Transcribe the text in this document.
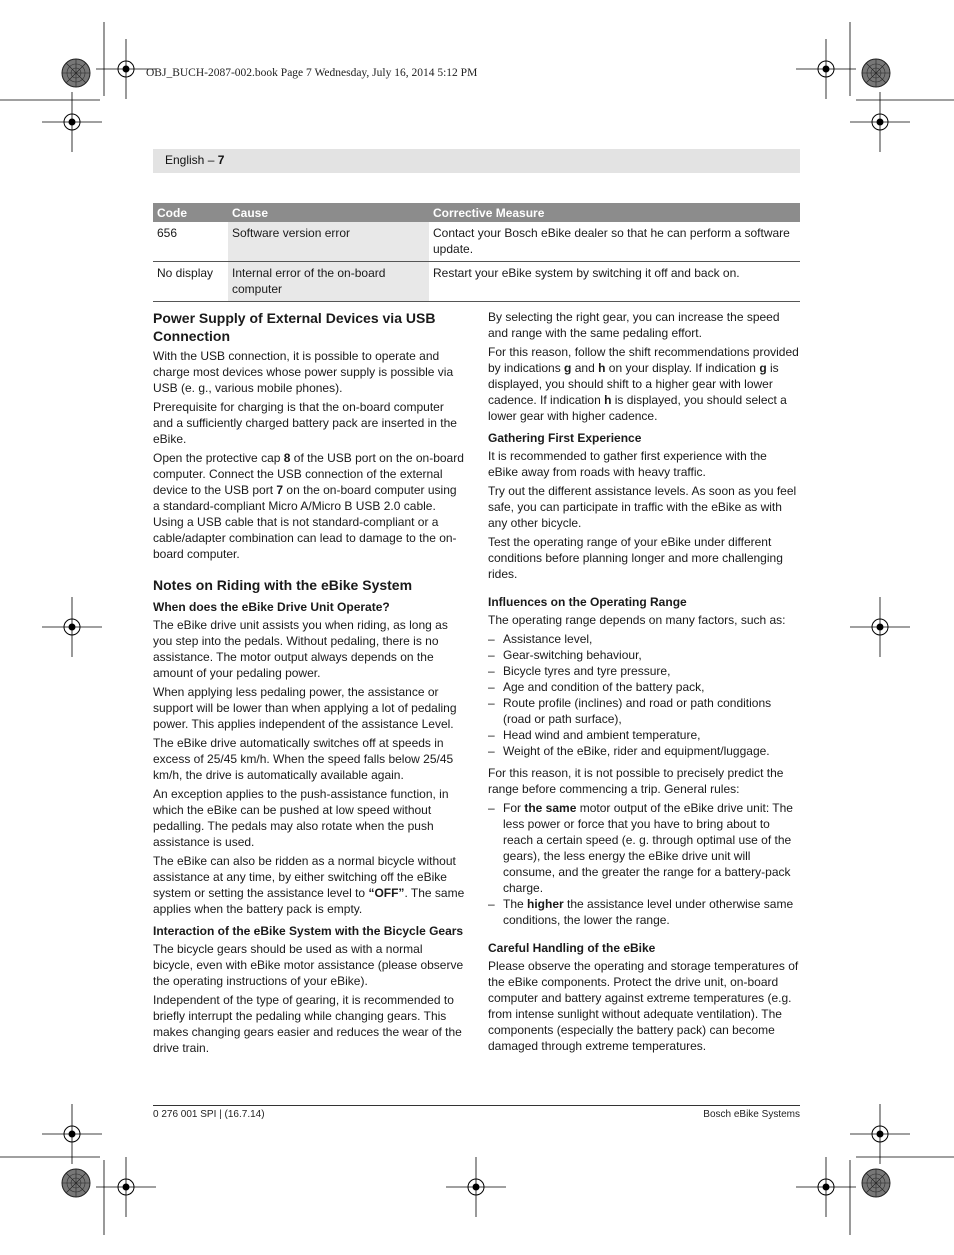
OBJ_BUCH-2087-002.book Page 7 Wednesday, July 16, 2014 5:12 PM
English – 7
Code	Cause	Corrective Measure
656	Software version error	Contact your Bosch eBike dealer so that he can perform a software update.
No display	Internal error of the on-board computer	Restart your eBike system by switching it off and back on.
Power Supply of External Devices via USB Connection

With the USB connection, it is possible to operate and charge most devices whose power supply is possible via USB (e. g., various mobile phones).

Prerequisite for charging is that the on-board computer and a sufficiently charged battery pack are inserted in the eBike.

Open the protective cap 8 of the USB port on the on-board computer. Connect the USB connection of the external device to the USB port 7 on the on-board computer using a standard-compliant Micro A/Micro B USB 2.0 cable. Using a USB cable that is not standard-compliant or a cable/adapter combination can lead to damage to the on-board computer.

Notes on Riding with the eBike System
When does the eBike Drive Unit Operate?

The eBike drive unit assists you when riding, as long as you step into the pedals. Without pedaling, there is no assistance. The motor output always depends on the amount of your pedaling power.

When applying less pedaling power, the assistance or support will be lower than when applying a lot of pedaling power. This applies independent of the assistance Level.

The eBike drive automatically switches off at speeds in excess of 25/45 km/h. When the speed falls below 25/45 km/h, the drive is automatically available again.

An exception applies to the push-assistance function, in which the eBike can be pushed at low speed without pedalling. The pedals may also rotate when the push assistance is used.

The eBike can also be ridden as a normal bicycle without assistance at any time, by either switching off the eBike system or setting the assistance level to “OFF”. The same applies when the battery pack is empty.

Interaction of the eBike System with the Bicycle Gears

The bicycle gears should be used as with a normal bicycle, even with eBike motor assistance (please observe the operating instructions of your eBike).

Independent of the type of gearing, it is recommended to briefly interrupt the pedaling while changing gears. This makes changing gears easier and reduces the wear of the drive train.

By selecting the right gear, you can increase the speed and range with the same pedaling effort.

For this reason, follow the shift recommendations provided by indications g and h on your display. If indication g is displayed, you should shift to a higher gear with lower cadence. If indication h is displayed, you should select a lower gear with higher cadence.

Gathering First Experience

It is recommended to gather first experience with the eBike away from roads with heavy traffic.

Try out the different assistance levels. As soon as you feel safe, you can participate in traffic with the eBike as with any other bicycle.

Test the operating range of your eBike under different conditions before planning longer and more challenging rides.

Influences on the Operating Range

The operating range depends on many factors, such as:

– Assistance level,
– Gear-switching behaviour,
– Bicycle tyres and tyre pressure,
– Age and condition of the battery pack,
– Route profile (inclines) and road or path conditions (road or path surface),
– Head wind and ambient temperature,
– Weight of the eBike, rider and equipment/luggage.

For this reason, it is not possible to precisely predict the range before commencing a trip. General rules:

– For the same motor output of the eBike drive unit: The less power or force that you have to bring about to reach a certain speed (e. g. through optimal use of the gears), the less energy the eBike drive unit will consume, and the greater the range for a battery-pack charge.
– The higher the assistance level under otherwise same conditions, the lower the range.
Careful Handling of the eBike

Please observe the operating and storage temperatures of the eBike components. Protect the drive unit, on-board computer and battery against extreme temperatures (e.g. from intense sunlight without adequate ventilation). The components (especially the battery pack) can become damaged through extreme temperatures.

0 276 001 SPI | (16.7.14)	Bosch eBike Systems
